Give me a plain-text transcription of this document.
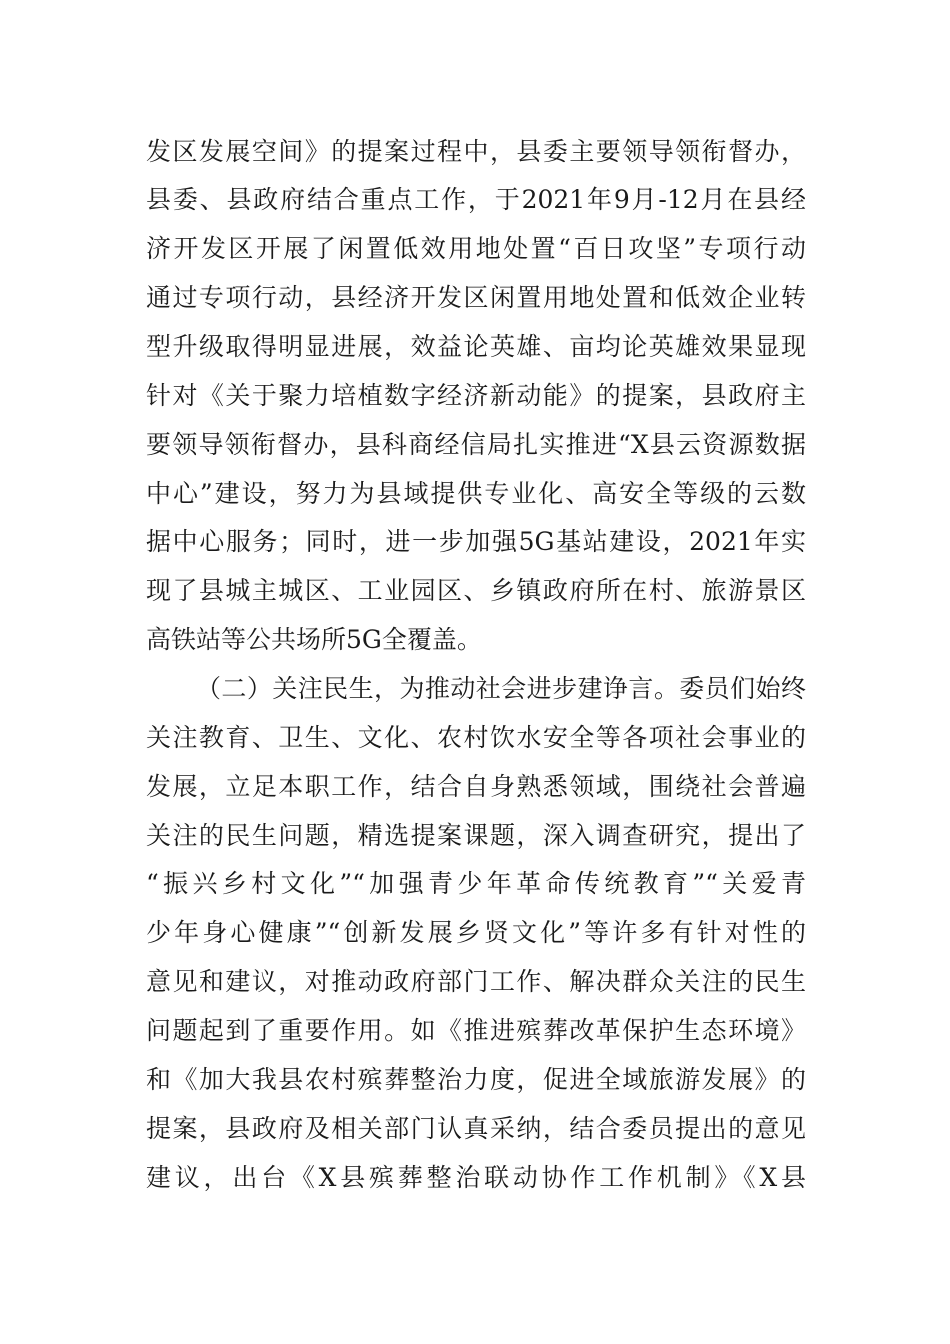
发区发展空间》的提案过程中，县委主要领导领衔督办，
县委、县政府结合重点工作，于2021年9月-12月在县经
济开发区开展了闲置低效用地处置“百日攻坚”专项行动
通过专项行动，县经济开发区闲置用地处置和低效企业转
型升级取得明显进展，效益论英雄、亩均论英雄效果显现
针对《关于聚力培植数字经济新动能》的提案，县政府主
要领导领衔督办，县科商经信局扎实推进“X县云资源数据
中心”建设，努力为县域提供专业化、高安全等级的云数
据中心服务；同时，进一步加强5G基站建设，2021年实
现了县城主城区、工业园区、乡镇政府所在村、旅游景区
高铁站等公共场所5G全覆盖。
（二）关注民生，为推动社会进步建诤言。委员们始终
关注教育、卫生、文化、农村饮水安全等各项社会事业的
发展，立足本职工作，结合自身熟悉领域，围绕社会普遍
关注的民生问题，精选提案课题，深入调查研究，提出了
“振兴乡村文化”“加强青少年革命传统教育”“关爱青
少年身心健康”“创新发展乡贤文化”等许多有针对性的
意见和建议，对推动政府部门工作、解决群众关注的民生
问题起到了重要作用。如《推进殡葬改革保护生态环境》
和《加大我县农村殡葬整治力度，促进全域旅游发展》的
提案，县政府及相关部门认真采纳，结合委员提出的意见
建议，出台《X县殡葬整治联动协作工作机制》《X县
